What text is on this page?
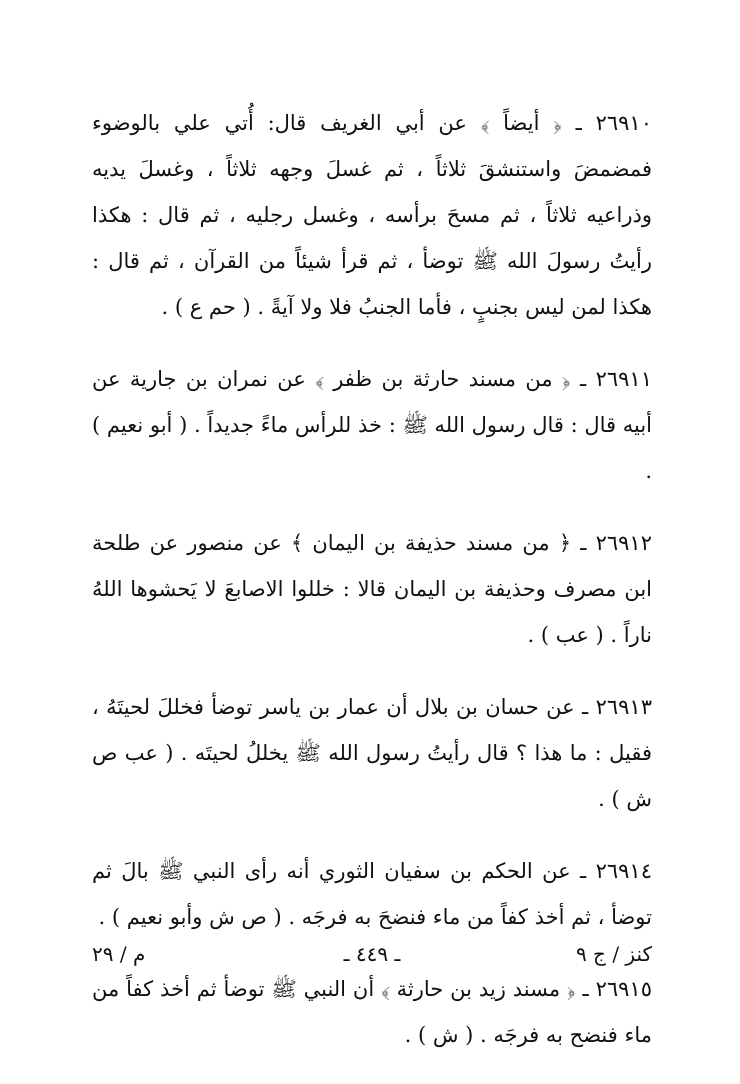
٢٦٩١٠ ـ ﴿ أيضاً ﴾ عن أبي الغريف قال: أُتي علي بالوضوء فمضمضَ واستنشقَ ثلاثاً ، ثم غسلَ وجهه ثلاثاً ، وغسلَ يديه وذراعيه ثلاثاً ، ثم مسحَ برأسه ، وغسل رجليه ، ثم قال : هكذا رأيتُ رسولَ الله ﷺ توضأ ، ثم قرأ شيئاً من القرآن ، ثم قال : هكذا لمن ليس بجنبٍ ، فأما الجنبُ فلا ولا آيةً . ( حم ع ) .

٢٦٩١١ ـ ﴿ من مسند حارثة بن ظفر ﴾ عن نمران بن جارية عن أبيه قال : قال رسول الله ﷺ : خذ للرأس ماءً جديداً . ( أبو نعيم ) .

٢٦٩١٢ ـ ﴿ من مسند حذيفة بن اليمان ﴾ عن منصور عن طلحة ابن مصرف وحذيفة بن اليمان قالا : خللوا الاصابعَ لا يَحشوها اللهُ ناراً . ( عب ) .

٢٦٩١٣ ـ عن حسان بن بلال أن عمار بن ياسر توضأ فخللَ لحيتَهُ ، فقيل : ما هذا ؟ قال رأيتُ رسول الله ﷺ يخللُ لحيتَه . ( عب ص ش ) .

٢٦٩١٤ ـ عن الحكم بن سفيان الثوري أنه رأى النبي ﷺ بالَ ثم توضأ ، ثم أخذ كفاً من ماء فنضحَ به فرجَه . ( ص ش وأبو نعيم ) .

٢٦٩١٥ ـ ﴿ مسند زيد بن حارثة ﴾ أن النبي ﷺ توضأ ثم أخذ كفاً من ماء فنضح به فرجَه . ( ش ) .

كنز / ج ٩
ـ ٤٤٩ ـ
م / ٢٩
